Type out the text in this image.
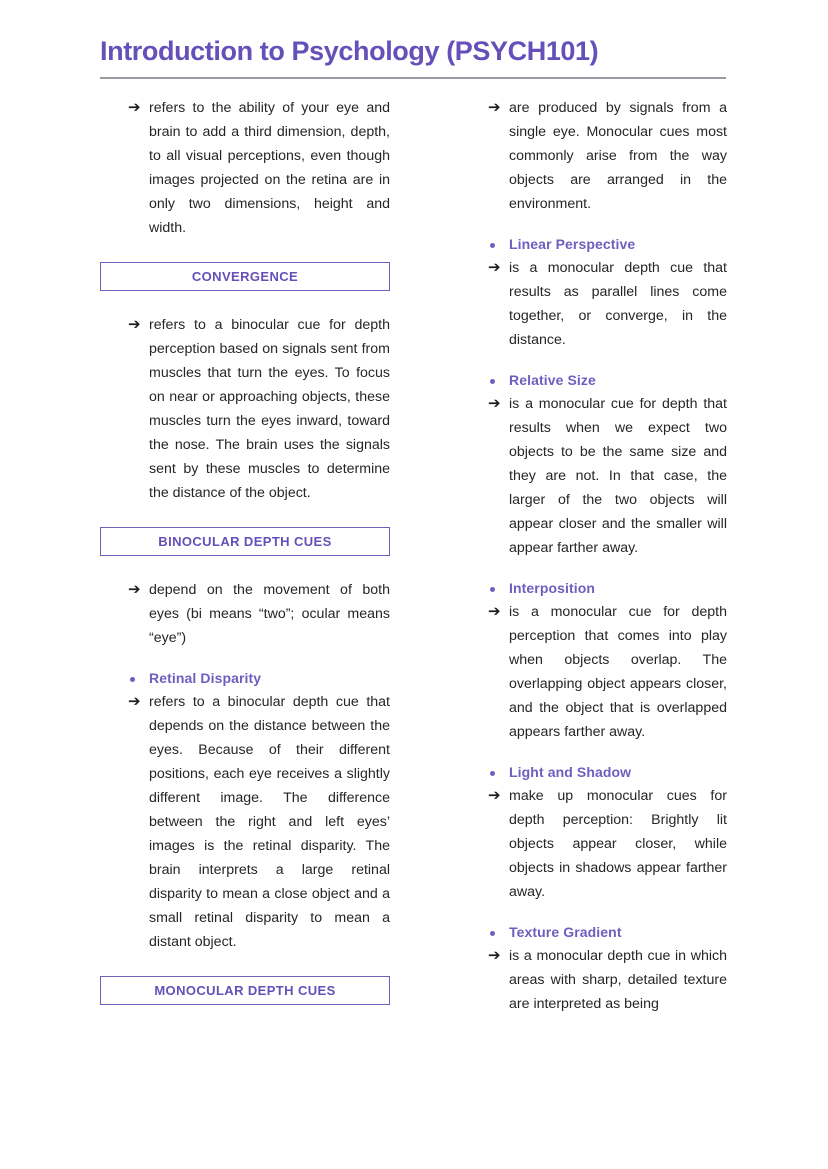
Introduction to Psychology (PSYCH101)
➔ refers to the ability of your eye and brain to add a third dimension, depth, to all visual perceptions, even though images projected on the retina are in only two dimensions, height and width.
CONVERGENCE
➔ refers to a binocular cue for depth perception based on signals sent from muscles that turn the eyes. To focus on near or approaching objects, these muscles turn the eyes inward, toward the nose. The brain uses the signals sent by these muscles to determine the distance of the object.
BINOCULAR DEPTH CUES
➔ depend on the movement of both eyes (bi means “two”; ocular means “eye”)
Retinal Disparity
➔ refers to a binocular depth cue that depends on the distance between the eyes. Because of their different positions, each eye receives a slightly different image. The difference between the right and left eyes’ images is the retinal disparity. The brain interprets a large retinal disparity to mean a close object and a small retinal disparity to mean a distant object.
MONOCULAR DEPTH CUES
➔ are produced by signals from a single eye. Monocular cues most commonly arise from the way objects are arranged in the environment.
Linear Perspective
➔ is a monocular depth cue that results as parallel lines come together, or converge, in the distance.
Relative Size
➔ is a monocular cue for depth that results when we expect two objects to be the same size and they are not. In that case, the larger of the two objects will appear closer and the smaller will appear farther away.
Interposition
➔ is a monocular cue for depth perception that comes into play when objects overlap. The overlapping object appears closer, and the object that is overlapped appears farther away.
Light and Shadow
➔ make up monocular cues for depth perception: Brightly lit objects appear closer, while objects in shadows appear farther away.
Texture Gradient
➔ is a monocular depth cue in which areas with sharp, detailed texture are interpreted as being
